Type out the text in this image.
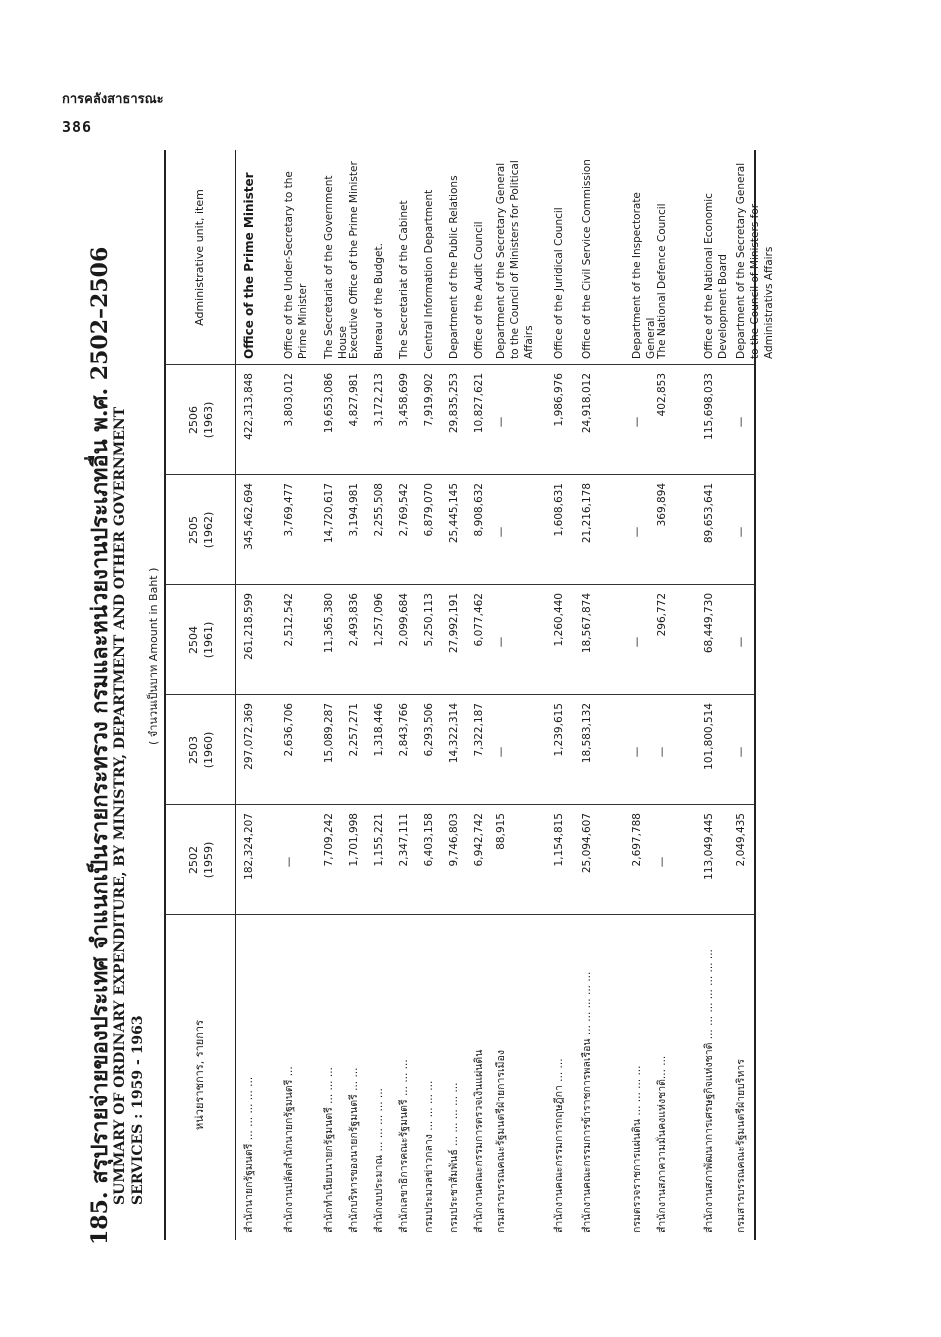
การคลังสาธารณะ
386
185. สรุปรายจ่ายของประเทศ จำแนกเป็นรายกระทรวง กรมและหน่วยงานประเภทอื่น พ.ศ. 2502–2506 SUMMARY OF ORDINARY EXPENDITURE, BY MINISTRY, DEPARTMENT AND OTHER GOVERNMENT SERVICES : 1959 - 1963
( จำนวนเป็นบาท Amount in Baht )
หน่วยราชการ, รายการ
2502 (1959)
2503 (1960)
2504 (1961)
2505 (1962)
2506 (1963)
Administrative unit, item
สำนักนายกรัฐมนตรี ... ... ... ... ...
182,324,207
297,072,369
261,218,599
345,462,694
422,313,848
Office of the Prime Minister
สำนักงานปลัดสำนักนายกรัฐมนตรี ...
—
2,636,706
2,512,542
3,769,477
3,803,012
Office of the Under-Secretary to the Prime Minister
สำนักทำเนียบนายกรัฐมนตรี ... ... ...
7,709,242
15,089,287
11,365,380
14,720,617
19,653,086
The Secretariat of the Government House
สำนักบริหารของนายกรัฐมนตรี ... ...
1,701,998
2,257,271
2,493,836
3,194,981
4,827,981
Executive Office of the Prime Minister
สำนักงบประมาณ ... ... ... ... ...
1,155,221
1,318,446
1,257,096
2,255,508
3,172,213
Bureau of the Budget.
สำนักเลขาธิการคณะรัฐมนตรี ... ... ...
2,347,111
2,843,766
2,099,684
2,769,542
3,458,699
The Secretariat of the Cabinet
กรมประมวลข่าวกลาง ... ... ... ...
6,403,158
6,293,506
5,250,113
6,879,070
7,919,902
Central Information Department
กรมประชาสัมพันธ์ ... ... ... ... ...
9,746,803
14,322,314
27,992,191
25,445,145
29,835,253
Department of the Public Relations
สำนักงานคณะกรรมการตรวจเงินแผ่นดิน
6,942,742
7,322,187
6,077,462
8,908,632
10,827,621
Office of the Audit Council
กรมสารบรรณคณะรัฐมนตรีฝ่ายการเมือง
88,915
—
—
—
—
Department of the Secretary General to the Council of Ministers for Political Affairs
สำนักงานคณะกรรมการกฤษฎีกา ... ...
1,154,815
1,239,615
1,260,440
1,608,631
1,986,976
Office of the Juridical Council
สำนักงานคณะกรรมการข้าราชการพลเรือน ... ... ... ... ...
25,094,607
18,583,132
18,567,874
21,216,178
24,918,012
Office of the Civil Service Commission
กรมตรวจราชการแผ่นดิน ... ... ... ...
2,697,788
—
—
—
—
Department of the Inspectorate General
สำนักงานสภาความมั่นคงแห่งชาติ... ...
—
—
296,772
369,894
402,853
The National Defence Council
สำนักงานสภาพัฒนาการเศรษฐกิจแห่งชาติ ... ... ... ... ... ... ...
113,049,445
101,800,514
68,449,730
89,653,641
115,698,033
Office of the National Economic Development Board
กรมสารบรรณคณะรัฐมนตรีฝ่ายบริหาร
2,049,435
—
—
—
—
Department of the Secretary General to the Council of Ministers for Administrativs Affairs
